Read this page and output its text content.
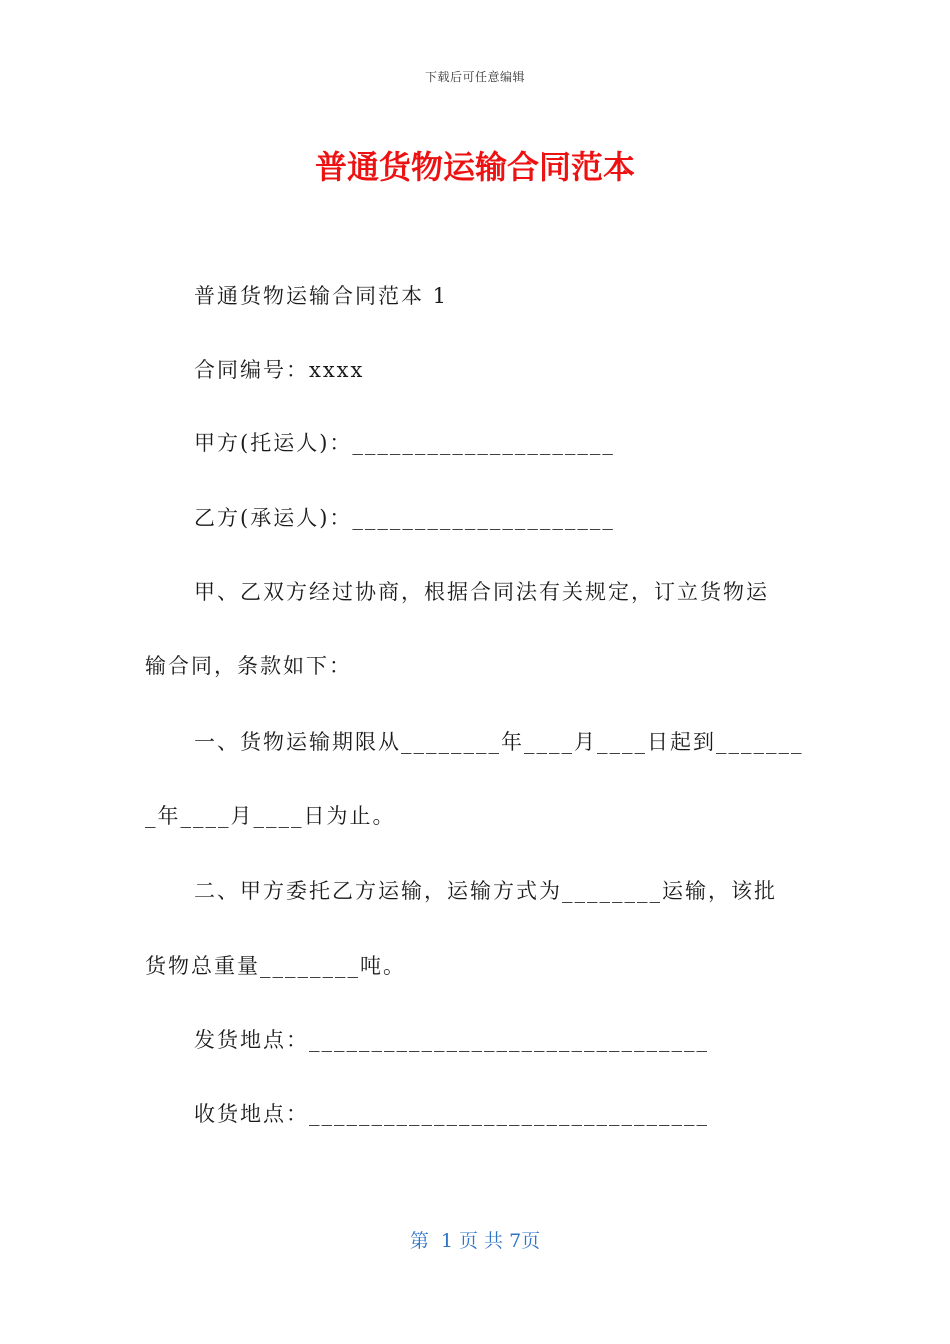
下载后可任意编辑
普通货物运输合同范本
普通货物运输合同范本 1
合同编号：xxxx
甲方(托运人)：_____________________
乙方(承运人)：_____________________
甲、乙双方经过协商，根据合同法有关规定，订立货物运
输合同，条款如下：
一、货物运输期限从________年____月____日起到_______
_年____月____日为止。
二、甲方委托乙方运输，运输方式为________运输，该批
货物总重量________吨。
发货地点：________________________________
收货地点：________________________________
第  1 页 共 7页
